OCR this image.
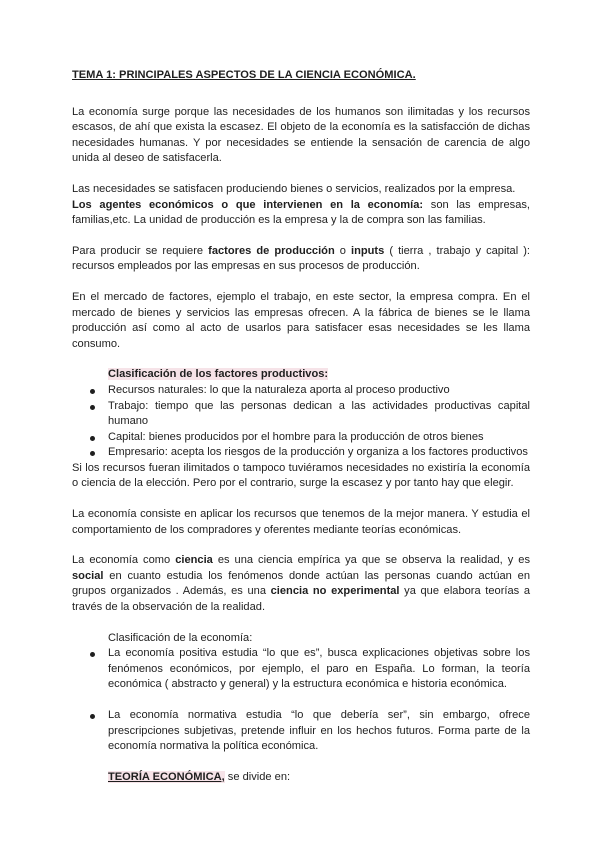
TEMA 1: PRINCIPALES ASPECTOS DE LA CIENCIA ECONÓMICA.

La economía surge porque las necesidades de los humanos son ilimitadas y los recursos escasos, de ahí que exista la escasez. El objeto de la economía es la satisfacción de dichas necesidades humanas. Y por necesidades se entiende la sensación de carencia de algo unida al deseo de satisfacerla.

Las necesidades se satisfacen produciendo bienes o servicios, realizados por la empresa.

Los agentes económicos o que intervienen en la economía: son las empresas, familias,etc. La unidad de producción es la empresa y la de compra son las familias.

Para producir se requiere factores de producción o inputs ( tierra , trabajo y capital ): recursos empleados por las empresas en sus procesos de producción.

En el mercado de factores, ejemplo el trabajo, en este sector, la empresa compra. En el mercado de bienes y servicios las empresas ofrecen. A la fábrica de bienes se le llama producción así como al acto de usarlos para satisfacer esas necesidades se les llama consumo.

Clasificación de los factores productivos:

Recursos naturales: lo que la naturaleza aporta al proceso productivo
Trabajo: tiempo que las personas dedican a las actividades productivas capital humano
Capital: bienes producidos por el hombre para la producción de otros bienes
Empresario: acepta los riesgos de la producción y organiza a los factores productivos

Si los recursos fueran ilimitados o tampoco tuviéramos necesidades no existiría la economía o ciencia de la elección. Pero por el contrario, surge la escasez y por tanto hay que elegir.

La economía consiste en aplicar los recursos que tenemos de la mejor manera. Y estudia el comportamiento de los compradores y oferentes mediante teorías económicas.

La economía como ciencia es una ciencia empírica ya que se observa la realidad, y es social en cuanto estudia los fenómenos donde actúan las personas cuando actúan en grupos organizados . Además, es una ciencia no experimental ya que elabora teorías a través de la observación de la realidad.

Clasificación de la economía:

La economía positiva estudia “lo que es”, busca explicaciones objetivas sobre los fenómenos económicos, por ejemplo, el paro en España. Lo forman, la teoría económica ( abstracto y general) y la estructura económica e historia económica.
La economía normativa estudia “lo que debería ser”, sin embargo, ofrece prescripciones subjetivas, pretende influir en los hechos futuros. Forma parte de la economía normativa la política económica.

TEORÍA ECONÓMICA, se divide en:
